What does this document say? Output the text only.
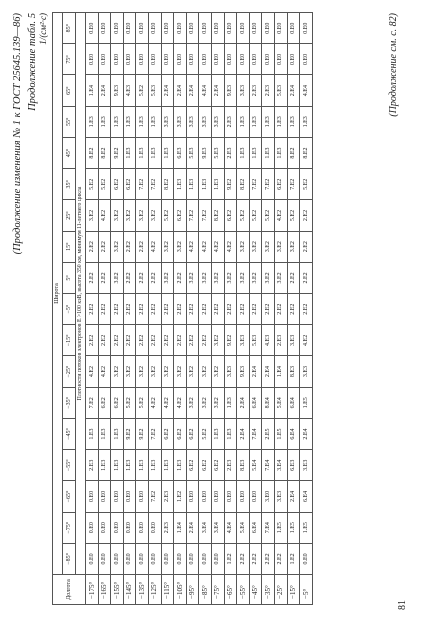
(Продолжение изменения № 1 к ГОСТ 25645.139—86) Продолжение табл. 5 1/(см²·с)
Долгота	Широта																	
	−85°	−75°	−65°	−55°	−45°	−35°	−25°	−15°	−5°	5°	15°	25°	35°	45°	55°	65°	75°	85°
	Плотности потоков электронов E >100 кэВ, высота 350 км, минимум 11-летнего цикла																	
−175°	0.E0	0.E0	0.E0	2.E3	1.E3	7.E2	4.E2	2.E2	2.E2	2.E2	2.E2	3.E2	5.E2	8.E2	1.E3	1.E4	0.E0	0.E0
−165°	0.E0	0.E0	0.E0	1.E3	1.E3	6.E2	4.E2	2.E2	2.E2	2.E2	2.E2	4.E2	5.E2	8.E2	1.E3	2.E4	0.E0	0.E0
−155°	0.E0	0.E0	0.E0	1.E3	1.E3	6.E2	3.E2	2.E2	2.E2	3.E2	3.E2	3.E2	6.E2	9.E2	1.E3	9.E3	0.E0	0.E0
−145°	0.E0	0.E0	0.E0	1.E3	9.E2	5.E2	3.E2	2.E2	2.E2	2.E2	2.E2	3.E2	6.E2	1.E3	1.E3	4.E3	0.E0	0.E0
−135°	0.E0	0.E0	0.E0	1.E3	9.E2	5.E2	3.E2	2.E2	2.E2	2.E2	2.E2	3.E2	7.E2	1.E3	1.E3	5.E2	0.E0	0.E0
−125°	0.E0	0.E0	7.E2	1.E3	7.E2	4.E2	3.E2	2.E2	2.E2	2.E2	4.E2	3.E2	7.E2	1.E3	1.E3	5.E3	0.E0	0.E0
−115°	0.E0	2.E3	2.E3	1.E3	6.E2	4.E2	3.E2	2.E2	2.E2	3.E2	3.E2	5.E2	8.E2	1.E3	3.E3	2.E4	0.E0	0.E0
−105°	0.E0	1.E4	1.E2	1.E3	6.E2	4.E2	3.E2	2.E2	2.E2	2.E2	3.E2	6.E2	1.E3	6.E3	3.E3	2.E4	0.E0	0.E0
−95°	0.E0	2.E4	0.E0	6.E2	6.E2	3.E2	3.E2	2.E2	2.E2	3.E2	4.E2	7.E2	1.E3	5.E3	3.E3	2.E4	0.E0	0.E0
−85°	0.E0	3.E4	0.E0	6.E2	5.E2	3.E2	3.E2	2.E2	2.E2	3.E2	4.E2	7.E2	1.E3	9.E3	3.E3	4.E4	0.E0	0.E0
−75°	0.E0	3.E4	0.E0	6.E2	1.E3	3.E2	3.E2	3.E2	2.E2	3.E2	4.E2	8.E2	1.E3	5.E3	3.E3	2.E4	0.E0	0.E0
−65°	1.E2	4.E4	0.E0	2.E3	1.E3	1.E3	3.E3	9.E2	2.E2	3.E2	4.E2	6.E2	9.E2	2.E3	2.E3	9.E3	0.E0	0.E0
−55°	2.E2	5.E4	0.E0	8.E3	2.E4	2.E4	9.E3	3.E3	2.E2	3.E2	3.E2	5.E2	8.E2	1.E3	1.E3	3.E3	0.E0	0.E0
−45°	2.E2	6.E4	0.E0	5.E4	7.E4	6.E4	2.E4	5.E3	2.E2	3.E2	3.E2	5.E2	7.E2	1.E3	1.E3	2.E3	0.E0	0.E0
−35°	2.E2	7.E4	3.E0	7.E4	2.E5	8.E4	2.E4	4.E3	2.E2	3.E2	3.E2	5.E2	7.E2	1.E3	1.E3	2.E3	0.E0	0.E0
−25°	2.E2	1.E5	3.E3	3.E4	1.E5	5.E4	1.E4	2.E3	2.E2	3.E2	3.E2	4.E2	6.E2	1.E3	1.E3	5.E3	0.E0	0.E0
−15°	1.E2	1.E5	2.E4	6.E3	6.E4	6.E4	8.E3	3.E3	2.E2	2.E2	3.E2	5.E2	7.E2	8.E2	1.E3	2.E4	0.E0	0.E0
−5°	0.E0	1.E5	6.E4	3.E3	2.E4	1.E5	3.E3	4.E2	2.E2	2.E2	2.E2	2.E2	5.E2	8.E2	1.E3	4.E4	0.E0	0.E0	(Продолжение см. с. 82)
81
